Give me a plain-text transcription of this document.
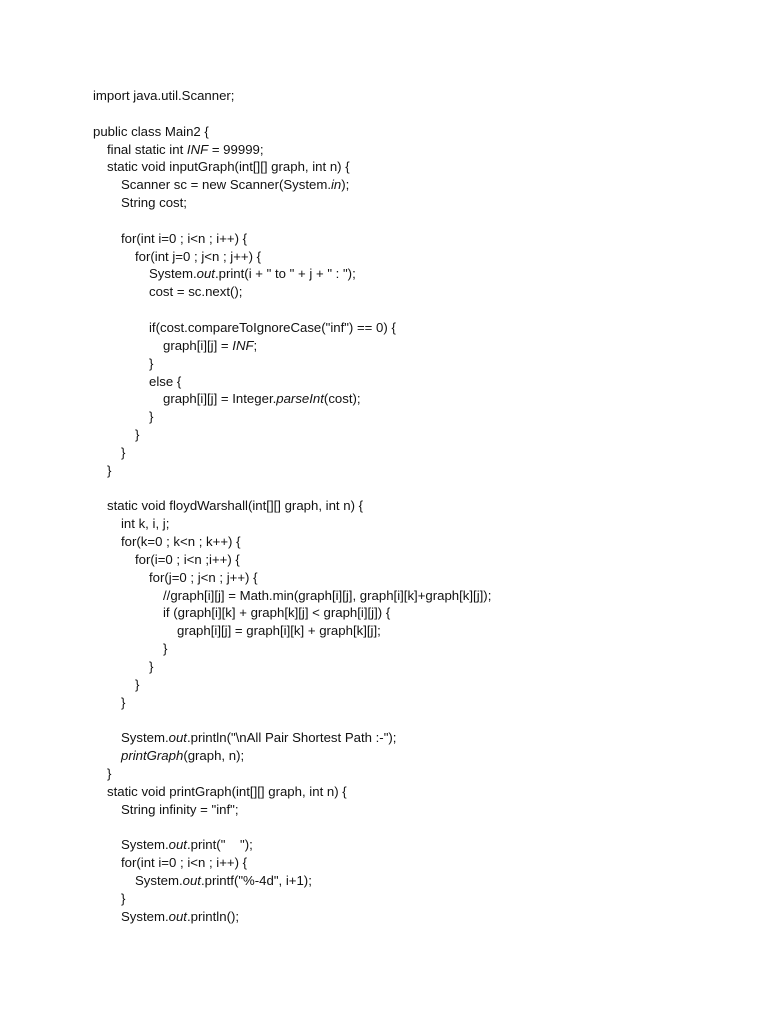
import java.util.Scanner;
public class Main2 {
final static int INF = 99999;
static void inputGraph(int[][] graph, int n) {
Scanner sc = new Scanner(System.in);
String cost;
for(int i=0 ; i<n ; i++) {
for(int j=0 ; j<n ; j++) {
System.out.print(i + " to " + j + " : ");
cost = sc.next();
if(cost.compareToIgnoreCase("inf") == 0) {
graph[i][j] = INF;
}
else {
graph[i][j] = Integer.parseInt(cost);
}
}
}
}
static void floydWarshall(int[][] graph, int n) {
int k, i, j;
for(k=0 ; k<n ; k++) {
for(i=0 ; i<n ;i++) {
for(j=0 ; j<n ; j++) {
//graph[i][j] = Math.min(graph[i][j], graph[i][k]+graph[k][j]);
if (graph[i][k] + graph[k][j] < graph[i][j]) {
graph[i][j] = graph[i][k] + graph[k][j];
}
}
}
}
System.out.println("\nAll Pair Shortest Path :-");
printGraph(graph, n);
}
static void printGraph(int[][] graph, int n) {
String infinity = "inf";
System.out.print("    ");
for(int i=0 ; i<n ; i++) {
System.out.printf("%-4d", i+1);
}
System.out.println();
